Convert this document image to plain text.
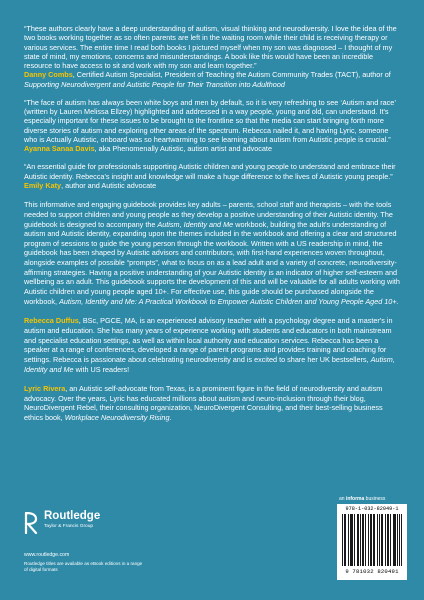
“These authors clearly have a deep understanding of autism, visual thinking and neurodiversity. I love the idea of the two books working together as so often parents are left in the waiting room while their child is receiving therapy or various services. The entire time I read both books I pictured myself when my son was diagnosed – I thought of my state of mind, my emotions, concerns and misunderstandings. A book like this would have been an incredible resource to have access to sit and work with my son and learn together.”

Danny Combs, Certified Autism Specialist, President of Teaching the Autism Community Trades (TACT), author of Supporting Neurodivergent and Autistic People for Their Transition into Adulthood

“The face of autism has always been white boys and men by default, so it is very refreshing to see ‘Autism and race’ (written by Lauren Melissa Ellzey) highlighted and addressed in a way people, young and old, can understand. It's especially important for these issues to be brought to the frontline so that the media can start bringing forth more diverse stories of autism and exploring other areas of the spectrum. Rebecca nailed it, and having Lyric, someone who is Actually Autistic, onboard was so heartwarming to see learning about autism from Autistic people is crucial.”

Ayanna Sanaa Davis, aka Phenomenally Autistic, autism artist and advocate

“An essential guide for professionals supporting Autistic children and young people to understand and embrace their Autistic identity. Rebecca's insight and knowledge will make a huge difference to the lives of Autistic young people.”

Emily Katy, author and Autistic advocate

This informative and engaging guidebook provides key adults – parents, school staff and therapists – with the tools needed to support children and young people as they develop a positive understanding of their Autistic identity. The guidebook is designed to accompany the Autism, Identity and Me workbook, building the adult's understanding of autism and Autistic identity, expanding upon the themes included in the workbook and offering a clear and structured program of sessions to guide the young person through the workbook. Written with a US readership in mind, the guidebook has been shaped by Autistic advisors and contributors, with first-hand experiences woven throughout, alongside examples of possible “prompts”, what to focus on as a lead adult and a variety of concrete, neurodiversity-affirming strategies. Having a positive understanding of your Autistic identity is an indicator of higher self-esteem and wellbeing as an adult. This guidebook supports the development of this and will be valuable for all adults working with Autistic children and young people aged 10+. For effective use, this guide should be purchased alongside the workbook, Autism, Identity and Me: A Practical Workbook to Empower Autistic Children and Young People Aged 10+.

Rebecca Duffus, BSc, PGCE, MA, is an experienced advisory teacher with a psychology degree and a master's in autism and education. She has many years of experience working with students and educators in both mainstream and specialist education settings, as well as within local authority and education services. Rebecca has been a speaker at a range of conferences, developed a range of parent programs and provides training and coaching for settings. Rebecca is passionate about celebrating neurodiversity and is excited to share her UK bestsellers, Autism, Identity and Me with US readers!

Lyric Rivera, an Autistic self-advocate from Texas, is a prominent figure in the field of neurodiversity and autism advocacy. Over the years, Lyric has educated millions about autism and neuro-inclusion through their blog, NeuroDivergent Rebel, their consulting organization, NeuroDivergent Consulting, and their best-selling business ethics book, Workplace Neurodiversity Rising.

Routledge
Taylor & Francis Group
www.routledge.com
Routledge titles are available as eBook editions in a range of digital formats
an informa business
978-1-032-82049-1
9 781032 820491
